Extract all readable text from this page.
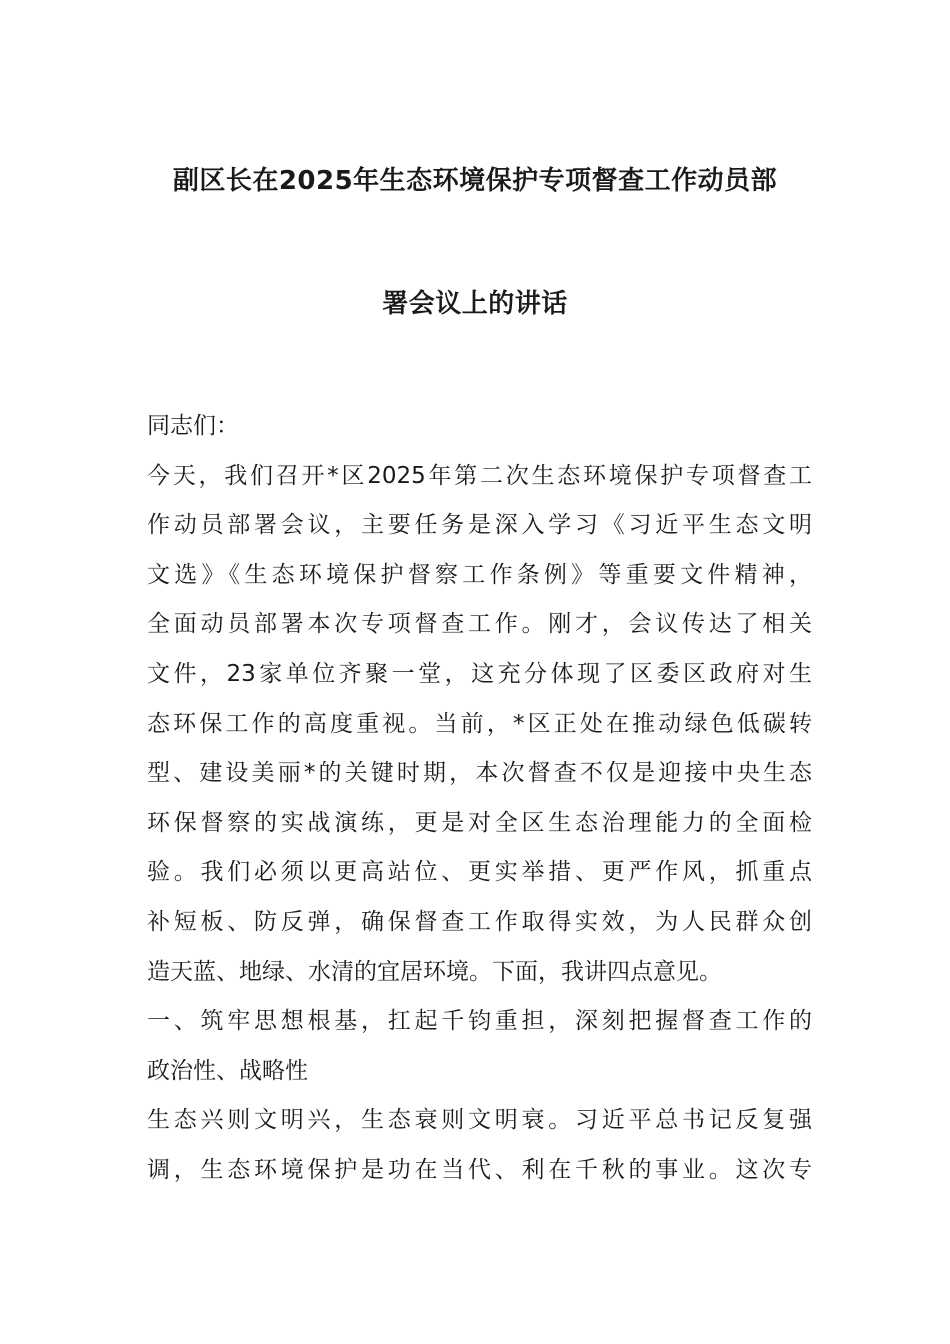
副区长在2025年生态环境保护专项督查工作动员部
署会议上的讲话
同志们：
今天，我们召开*区2025年第二次生态环境保护专项督查工
作动员部署会议，主要任务是深入学习《习近平生态文明
文选》《生态环境保护督察工作条例》等重要文件精神，
全面动员部署本次专项督查工作。刚才，会议传达了相关
文件，23家单位齐聚一堂，这充分体现了区委区政府对生
态环保工作的高度重视。当前，*区正处在推动绿色低碳转
型、建设美丽*的关键时期，本次督查不仅是迎接中央生态
环保督察的实战演练，更是对全区生态治理能力的全面检
验。我们必须以更高站位、更实举措、更严作风，抓重点
补短板、防反弹，确保督查工作取得实效，为人民群众创
造天蓝、地绿、水清的宜居环境。下面，我讲四点意见。
一、筑牢思想根基，扛起千钧重担，深刻把握督查工作的
政治性、战略性
生态兴则文明兴，生态衰则文明衰。习近平总书记反复强
调，生态环境保护是功在当代、利在千秋的事业。这次专
